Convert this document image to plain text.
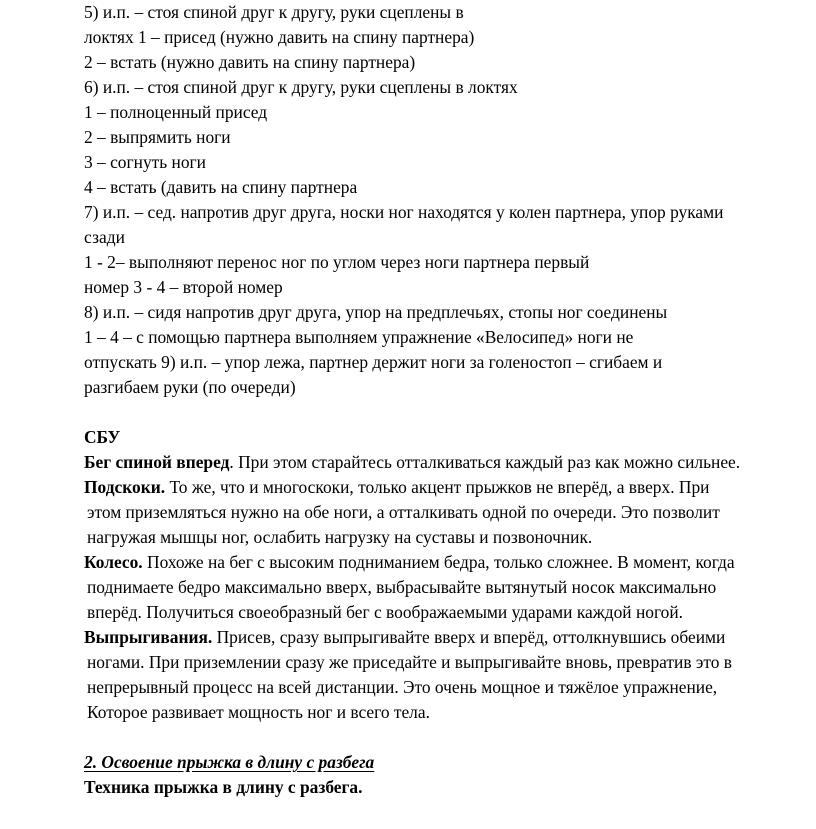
5) и.п. – стоя спиной друг к другу, руки сцеплены в
локтях 1 – присед (нужно давить на спину партнера)
2 – встать (нужно давить на спину партнера)
6) и.п. – стоя спиной друг к другу, руки сцеплены в локтях
1 – полноценный присед
2 – выпрямить ноги
3 – согнуть ноги
4 – встать (давить на спину партнера
7) и.п. – сед. напротив друг друга, носки ног находятся у колен партнера, упор руками
сзади
1 - 2– выполняют перенос ног по углом через ноги партнера первый
номер 3 - 4 – второй номер
8) и.п. – сидя напротив друг друга, упор на предплечьях, стопы ног соединены
1 – 4 – с помощью партнера выполняем упражнение «Велосипед» ноги не
отпускать 9) и.п. – упор лежа, партнер держит ноги за голеностоп – сгибаем и
разгибаем руки (по очереди)
СБУ
Бег спиной вперед. При этом старайтесь отталкиваться каждый раз как можно сильнее.
Подскоки. То же, что и многоскоки, только акцент прыжков не вперёд, а вверх. При
этом приземляться нужно на обе ноги, а отталкивать одной по очереди. Это позволит
нагружая мышцы ног, ослабить нагрузку на суставы и позвоночник.
Колесо. Похоже на бег с высоким подниманием бедра, только сложнее. В момент, когда
поднимаете бедро максимально вверх, выбрасывайте вытянутый носок максимально
вперёд. Получиться своеобразный бег с воображаемыми ударами каждой ногой.
Выпрыгивания. Присев, сразу выпрыгивайте вверх и вперёд, оттолкнувшись обеими
ногами. При приземлении сразу же приседайте и выпрыгивайте вновь, превратив это в
непрерывный процесс на всей дистанции. Это очень мощное и тяжёлое упражнение,
Которое развивает мощность ног и всего тела.
2. Освоение прыжка в длину с разбега
Техника прыжка в длину с разбега.
